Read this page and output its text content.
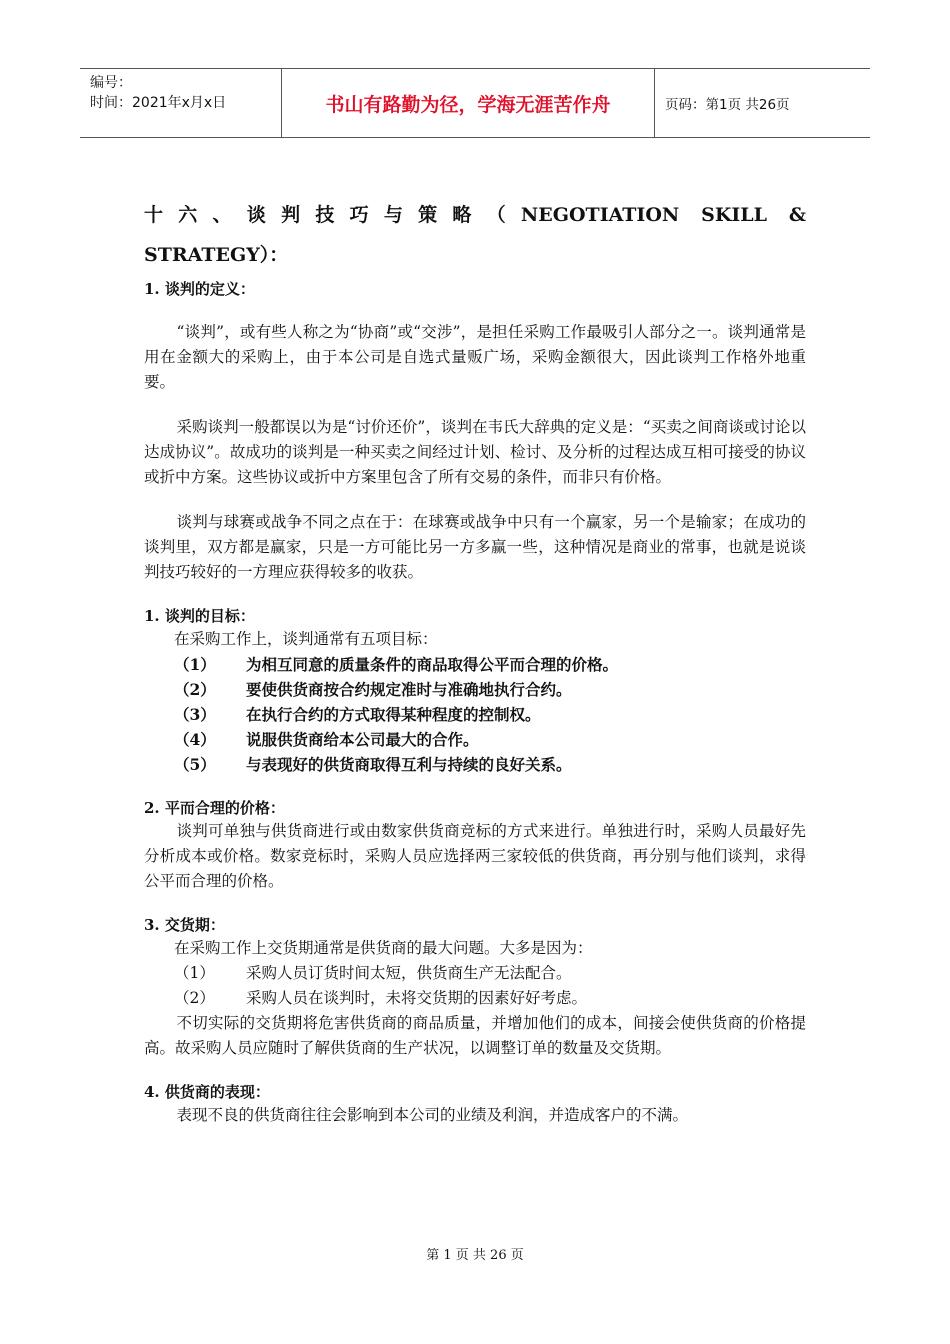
编号：
时间：2021年x月x日	书山有路勤为径，学海无涯苦作舟	页码：第1页 共26页
十六、谈判技巧与策略（NEGOTIATION SKILL &
STRATEGY）：
1. 谈判的定义：
“谈判”，或有些人称之为“协商”或“交涉”，是担任采购工作最吸引人部分之一。谈判通常是用在金额大的采购上，由于本公司是自选式量贩广场，采购金额很大，因此谈判工作格外地重要。
采购谈判一般都误以为是“讨价还价”，谈判在韦氏大辞典的定义是：“买卖之间商谈或讨论以达成协议”。故成功的谈判是一种买卖之间经过计划、检讨、及分析的过程达成互相可接受的协议或折中方案。这些协议或折中方案里包含了所有交易的条件，而非只有价格。
谈判与球赛或战争不同之点在于：在球赛或战争中只有一个赢家，另一个是输家；在成功的谈判里，双方都是赢家，只是一方可能比另一方多赢一些，这种情况是商业的常事，也就是说谈判技巧较好的一方理应获得较多的收获。
1. 谈判的目标：
在采购工作上，谈判通常有五项目标：
（1）	为相互同意的质量条件的商品取得公平而合理的价格。
（2）	要使供货商按合约规定准时与准确地执行合约。
（3）	在执行合约的方式取得某种程度的控制权。
（4）	说服供货商给本公司最大的合作。
（5）	与表现好的供货商取得互利与持续的良好关系。
2. 平而合理的价格：
谈判可单独与供货商进行或由数家供货商竞标的方式来进行。单独进行时，采购人员最好先分析成本或价格。数家竞标时，采购人员应选择两三家较低的供货商，再分别与他们谈判，求得公平而合理的价格。
3. 交货期：
在采购工作上交货期通常是供货商的最大问题。大多是因为：
（1）	采购人员订货时间太短，供货商生产无法配合。
（2）	采购人员在谈判时，未将交货期的因素好好考虑。
不切实际的交货期将危害供货商的商品质量，并增加他们的成本，间接会使供货商的价格提高。故采购人员应随时了解供货商的生产状况，以调整订单的数量及交货期。
4. 供货商的表现：
表现不良的供货商往往会影响到本公司的业绩及利润，并造成客户的不满。
第 1 页 共 26 页
